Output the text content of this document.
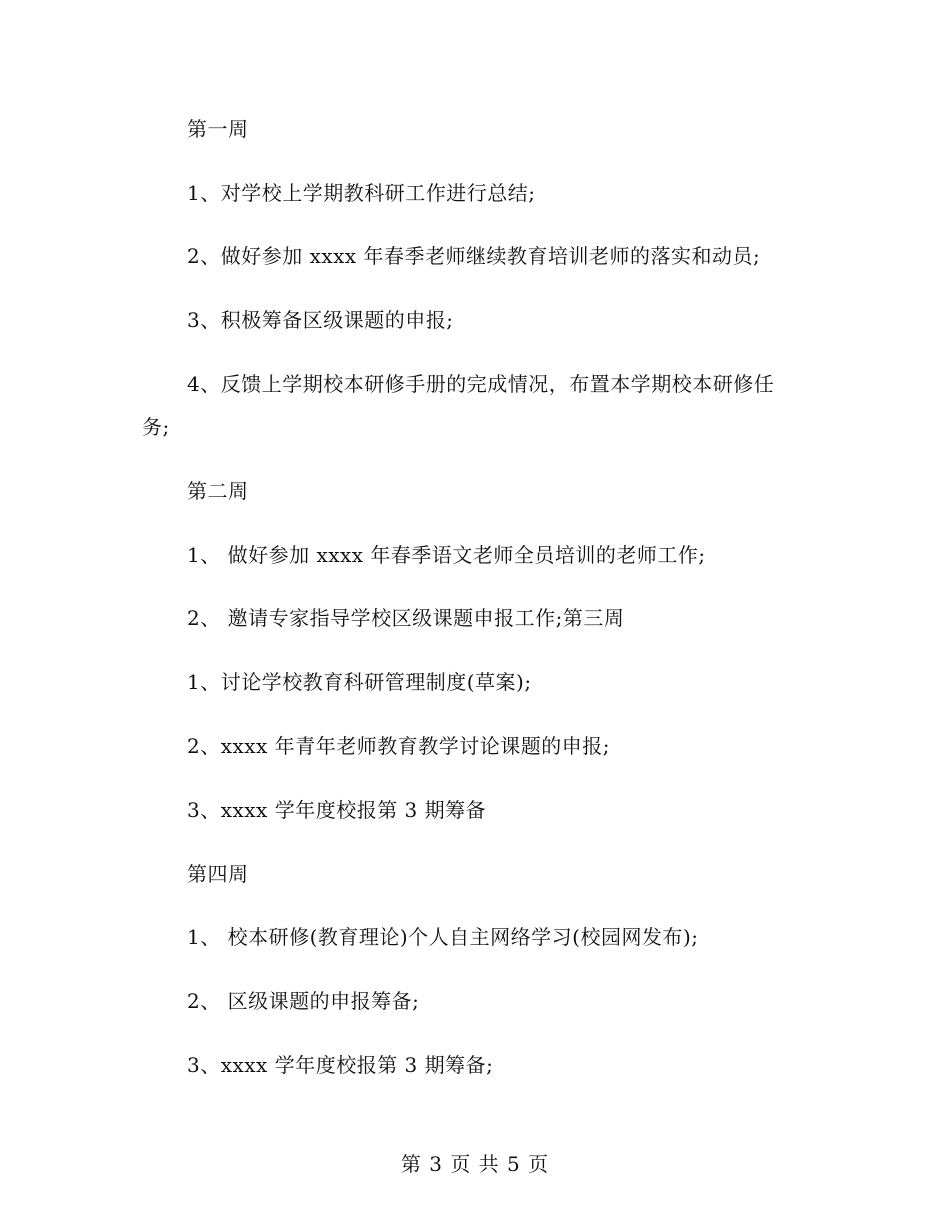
第一周
1、对学校上学期教科研工作进行总结;
2、做好参加 xxxx 年春季老师继续教育培训老师的落实和动员;
3、积极筹备区级课题的申报;
4、反馈上学期校本研修手册的完成情况，布置本学期校本研修任
务;
第二周
1、 做好参加 xxxx 年春季语文老师全员培训的老师工作;
2、 邀请专家指导学校区级课题申报工作;第三周
1、讨论学校教育科研管理制度(草案);
2、xxxx 年青年老师教育教学讨论课题的申报;
3、xxxx 学年度校报第 3 期筹备
第四周
1、 校本研修(教育理论)个人自主网络学习(校园网发布);
2、 区级课题的申报筹备;
3、xxxx 学年度校报第 3 期筹备;
第 3 页 共 5 页
